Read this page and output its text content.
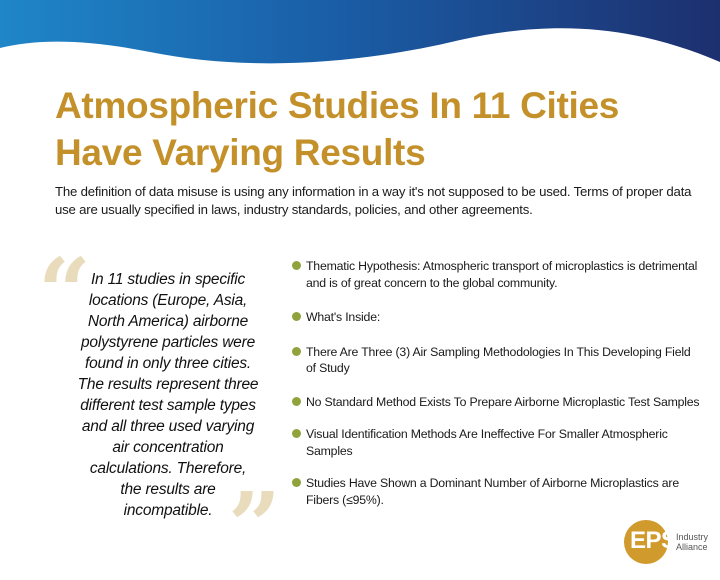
Atmospheric Studies In 11 Cities
Have Varying Results

The definition of data misuse is using any information in a way it's not supposed to be used. Terms of proper data use are usually specified in laws, industry standards, policies, and other agreements.

“
”
In 11 studies in specific
locations (Europe, Asia,
North America) airborne
polystyrene particles were
found in only three cities.
The results represent three
different test sample types
and all three used varying
air concentration
calculations. Therefore,
the results are
incompatible.
Thematic Hypothesis: Atmospheric transport of microplastics is detrimental and is of great concern to the global community.
What's Inside:
There Are Three (3) Air Sampling Methodologies In This Developing Field of Study
No Standard Method Exists To Prepare Airborne Microplastic Test Samples
Visual Identification Methods Are Ineffective For Smaller Atmospheric Samples
Studies Have Shown a Dominant Number of Airborne Microplastics are Fibers (≤95%).
EPS Industry
Alliance
